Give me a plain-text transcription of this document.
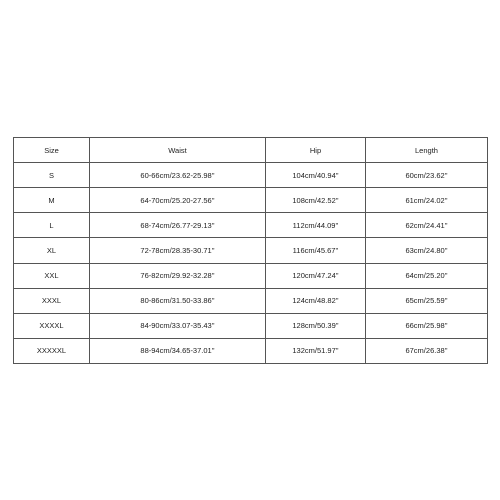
Size	Waist	Hip	Length
S	60-66cm/23.62-25.98''	104cm/40.94''	60cm/23.62''
M	64-70cm/25.20-27.56''	108cm/42.52''	61cm/24.02''
L	68-74cm/26.77-29.13''	112cm/44.09''	62cm/24.41''
XL	72-78cm/28.35-30.71''	116cm/45.67''	63cm/24.80''
XXL	76-82cm/29.92-32.28''	120cm/47.24''	64cm/25.20''
XXXL	80-86cm/31.50-33.86''	124cm/48.82''	65cm/25.59''
XXXXL	84-90cm/33.07-35.43''	128cm/50.39''	66cm/25.98''
XXXXXL	88-94cm/34.65-37.01''	132cm/51.97''	67cm/26.38''
